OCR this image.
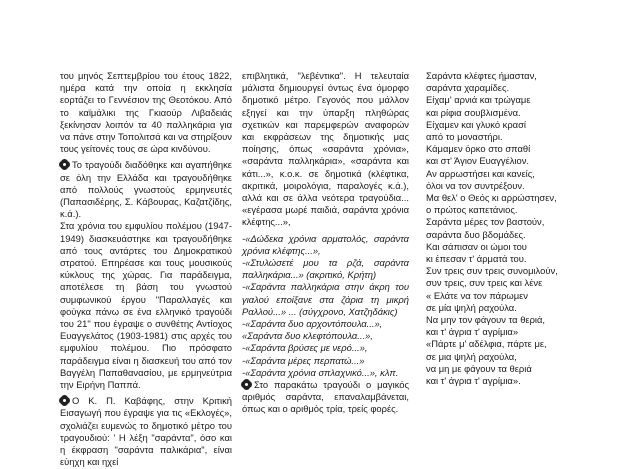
του μηνός Σεπτεμβρίου του έτους 1822, ημέρα κατά την οποία η εκκλησία εορτάζει το Γεννέσιον της Θεοτόκου. Από το καϊμάλικι της Γκιαούρ Λιβαδειάς ξεκίνησαν λοιπόν τα 40 παλληκάρια για να πάνε στην Τοπολιτσά και να στηρίξουν τους γείτονές τους σε ώρα κινδύνου.

Το τραγούδι διαδόθηκε και αγαπήθηκε σε όλη την Ελλάδα και τραγουδήθηκε από πολλούς γνωστούς ερμηνευτές (Παπασιδέρης, Σ. Κάβουρας, Καζατζίδης, κ.ά.).

Στα χρόνια του εμφυλίου πολέμου (1947-1949) διασκευάστηκε και τραγουδήθηκε από τους αντάρτες του Δημοκρατικού στρατού. Επηρέασε και τους μουσικούς κύκλους της χώρας. Για παράδειγμα, αποτέλεσε τη βάση του γνωστού συμφωνικού έργου "Παραλλαγές και φούγκα πάνω σε ένα ελληνικό τραγούδι του 21" που έγραψε ο συνθέτης Αντίοχος Ευαγγελάτος (1903-1981) στις αρχές του εμφυλίου πολέμου. Πιο πρόσφατο παράδειγμα είναι η διασκευή του από τον Βαγγέλη Παπαθανασίου, με ερμηνεύτρια την Ειρήνη Παππά.

Ο Κ. Π. Καβάφης, στην Κριτική Εισαγωγή που έγραψε για τις «Εκλογές», σχολιάζει ευμενώς το δημοτικό μέτρο του τραγουδιού: ' Η λέξη "σαράντα", όσο και η έκφραση "σαράντα παλικάρια", είναι εύηχη και ηχεί

επιβλητικά, "λεβέντικα". Η τελευταία μάλιστα δημιουργεί όντως ένα όμορφο δημοτικό μέτρο. Γεγονός που μάλλον εξηγεί και την ύπαρξη πληθώρας σχετικών και παρεμφερών αναφορών και εκφράσεων της δημοτικής μας ποίησης, όπως «σαράντα χρόνια», «σαράντα παλληκάρια», «σαράντα και κάτι...», κ.ο.κ. σε δημοτικά (κλέφτικα, ακριτικά, μοιρολόγια, παραλογές κ.ά.), αλλά και σε άλλα νεότερα τραγούδια... «εγέρασα μωρέ παιδιά, σαράντα χρόνια κλέφτης...»,

-«Δώδεκα χρόνια αρματολός, σαράντα χρόνια κλέφτης...»,

-«Στυλώσετέ μου τα ρζά, σαράντα παλληκάρια...» (ακριτικό, Κρήτη)

-«Σαράντα παλληκάρια στην άκρη του γιαλού εποίξανε στα ζάρια τη μικρή Ραλλού...» ... (σύγχρονο, Χατζηδάκις)

-«Σαράντα δυο αρχοντόπουλα...»,

«Σαράντα δυο κλεφτόπουλα...»,

-«Σαράντα βρύσες με νερό...»,

-«Σαράντα μέρες περπατώ...»

-«Σαράντα χρόνια σπλαχνικό...», κλπ.

Στο παρακάτω τραγούδι ο μαγικός αριθμός σαράντα, επαναλαμβάνεται, όπως και ο αριθμός τρία, τρείς φορές.

Σαράντα κλέφτες ήμασταν,
σαράντα χαραμίδες.
Είχαμ' αρνιά και τρώγαμε
και ρίφια σουβλισμένα.
Είχαμεν και γλυκό κρασί
από το μοναστήρι.
Κάμαμεν όρκο στο σπαθί
και στ' Άγιον Ευαγγέλιον.
Αν αρρωστήσει και κανείς,
όλοι να τον συντρέξουν.
Μα θελ' ο Θεός κι αρρώστησεν,
ο πρώτος καπετάνιος.
Σαράντα μέρες τον βαστούν,
σαράντα δυο βδομάδες.
Και σάπισαν οι ώμοι του
κι έπεσαν τ' άρματά του.
Συν τρεις συν τρεις συνομιλούν,
συν τρεις, συν τρεις και λένε
« Ελάτε να τον πάρωμεν
σε μία ψηλή ραχούλα.
Να μην τον φάγουν τα θεριά,
και τ' άγρια τ' αγρίμια»
«Πάρτε μ' αδέλφια, πάρτε με,
σε μια ψηλή ραχούλα,
να μη με φάγουν τα θεριά
και τ' άγρια τ' αγρίμια».
